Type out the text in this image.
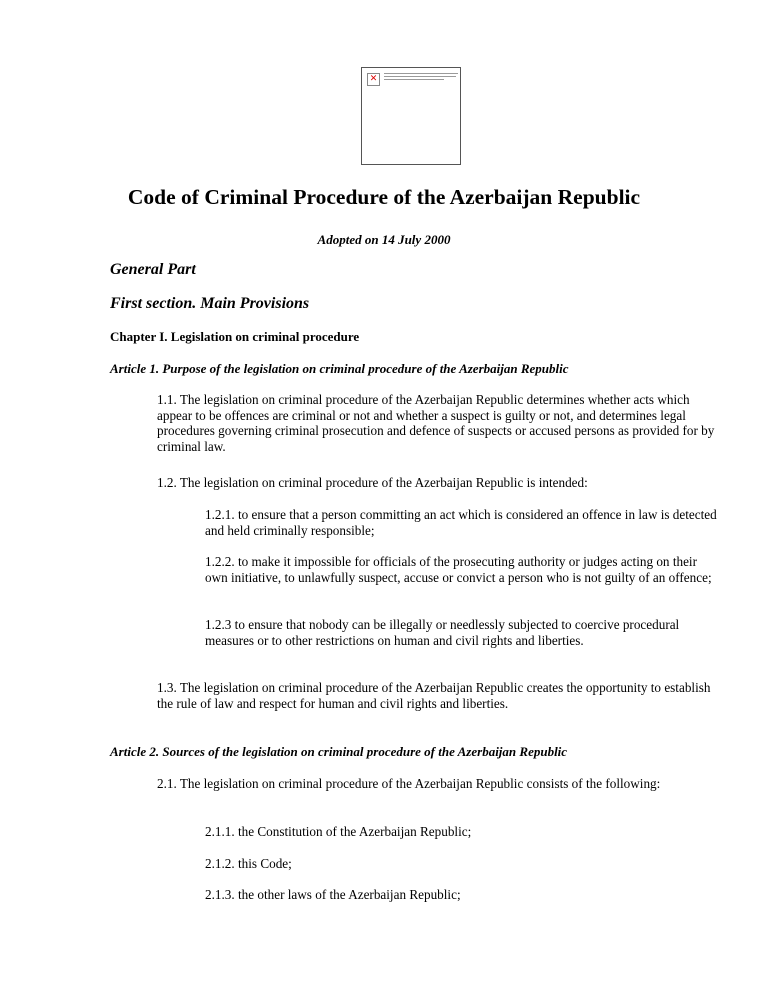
✕
Code of Criminal Procedure of the Azerbaijan Republic

Adopted on 14 July 2000

General Part
First section. Main Provisions
Chapter I. Legislation on criminal procedure
Article 1. Purpose of the legislation on criminal procedure of the Azerbaijan Republic

1.1. The legislation on criminal procedure of the Azerbaijan Republic determines whether acts which appear to be offences are criminal or not and whether a suspect is guilty or not, and determines legal procedures governing criminal prosecution and defence of suspects or accused persons as provided for by criminal law.

1.2. The legislation on criminal procedure of the Azerbaijan Republic is intended:

1.2.1. to ensure that a person committing an act which is considered an offence in law is detected and held criminally responsible;

1.2.2. to make it impossible for officials of the prosecuting authority or judges acting on their own initiative, to unlawfully suspect, accuse or convict a person who is not guilty of an offence;

1.2.3 to ensure that nobody can be illegally or needlessly subjected to coercive procedural measures or to other restrictions on human and civil rights and liberties.

1.3. The legislation on criminal procedure of the Azerbaijan Republic creates the opportunity to establish the rule of law and respect for human and civil rights and liberties.

Article 2. Sources of the legislation on criminal procedure of the Azerbaijan Republic

2.1. The legislation on criminal procedure of the Azerbaijan Republic consists of the following:

2.1.1. the Constitution of the Azerbaijan Republic;

2.1.2. this Code;

2.1.3. the other laws of the Azerbaijan Republic;
